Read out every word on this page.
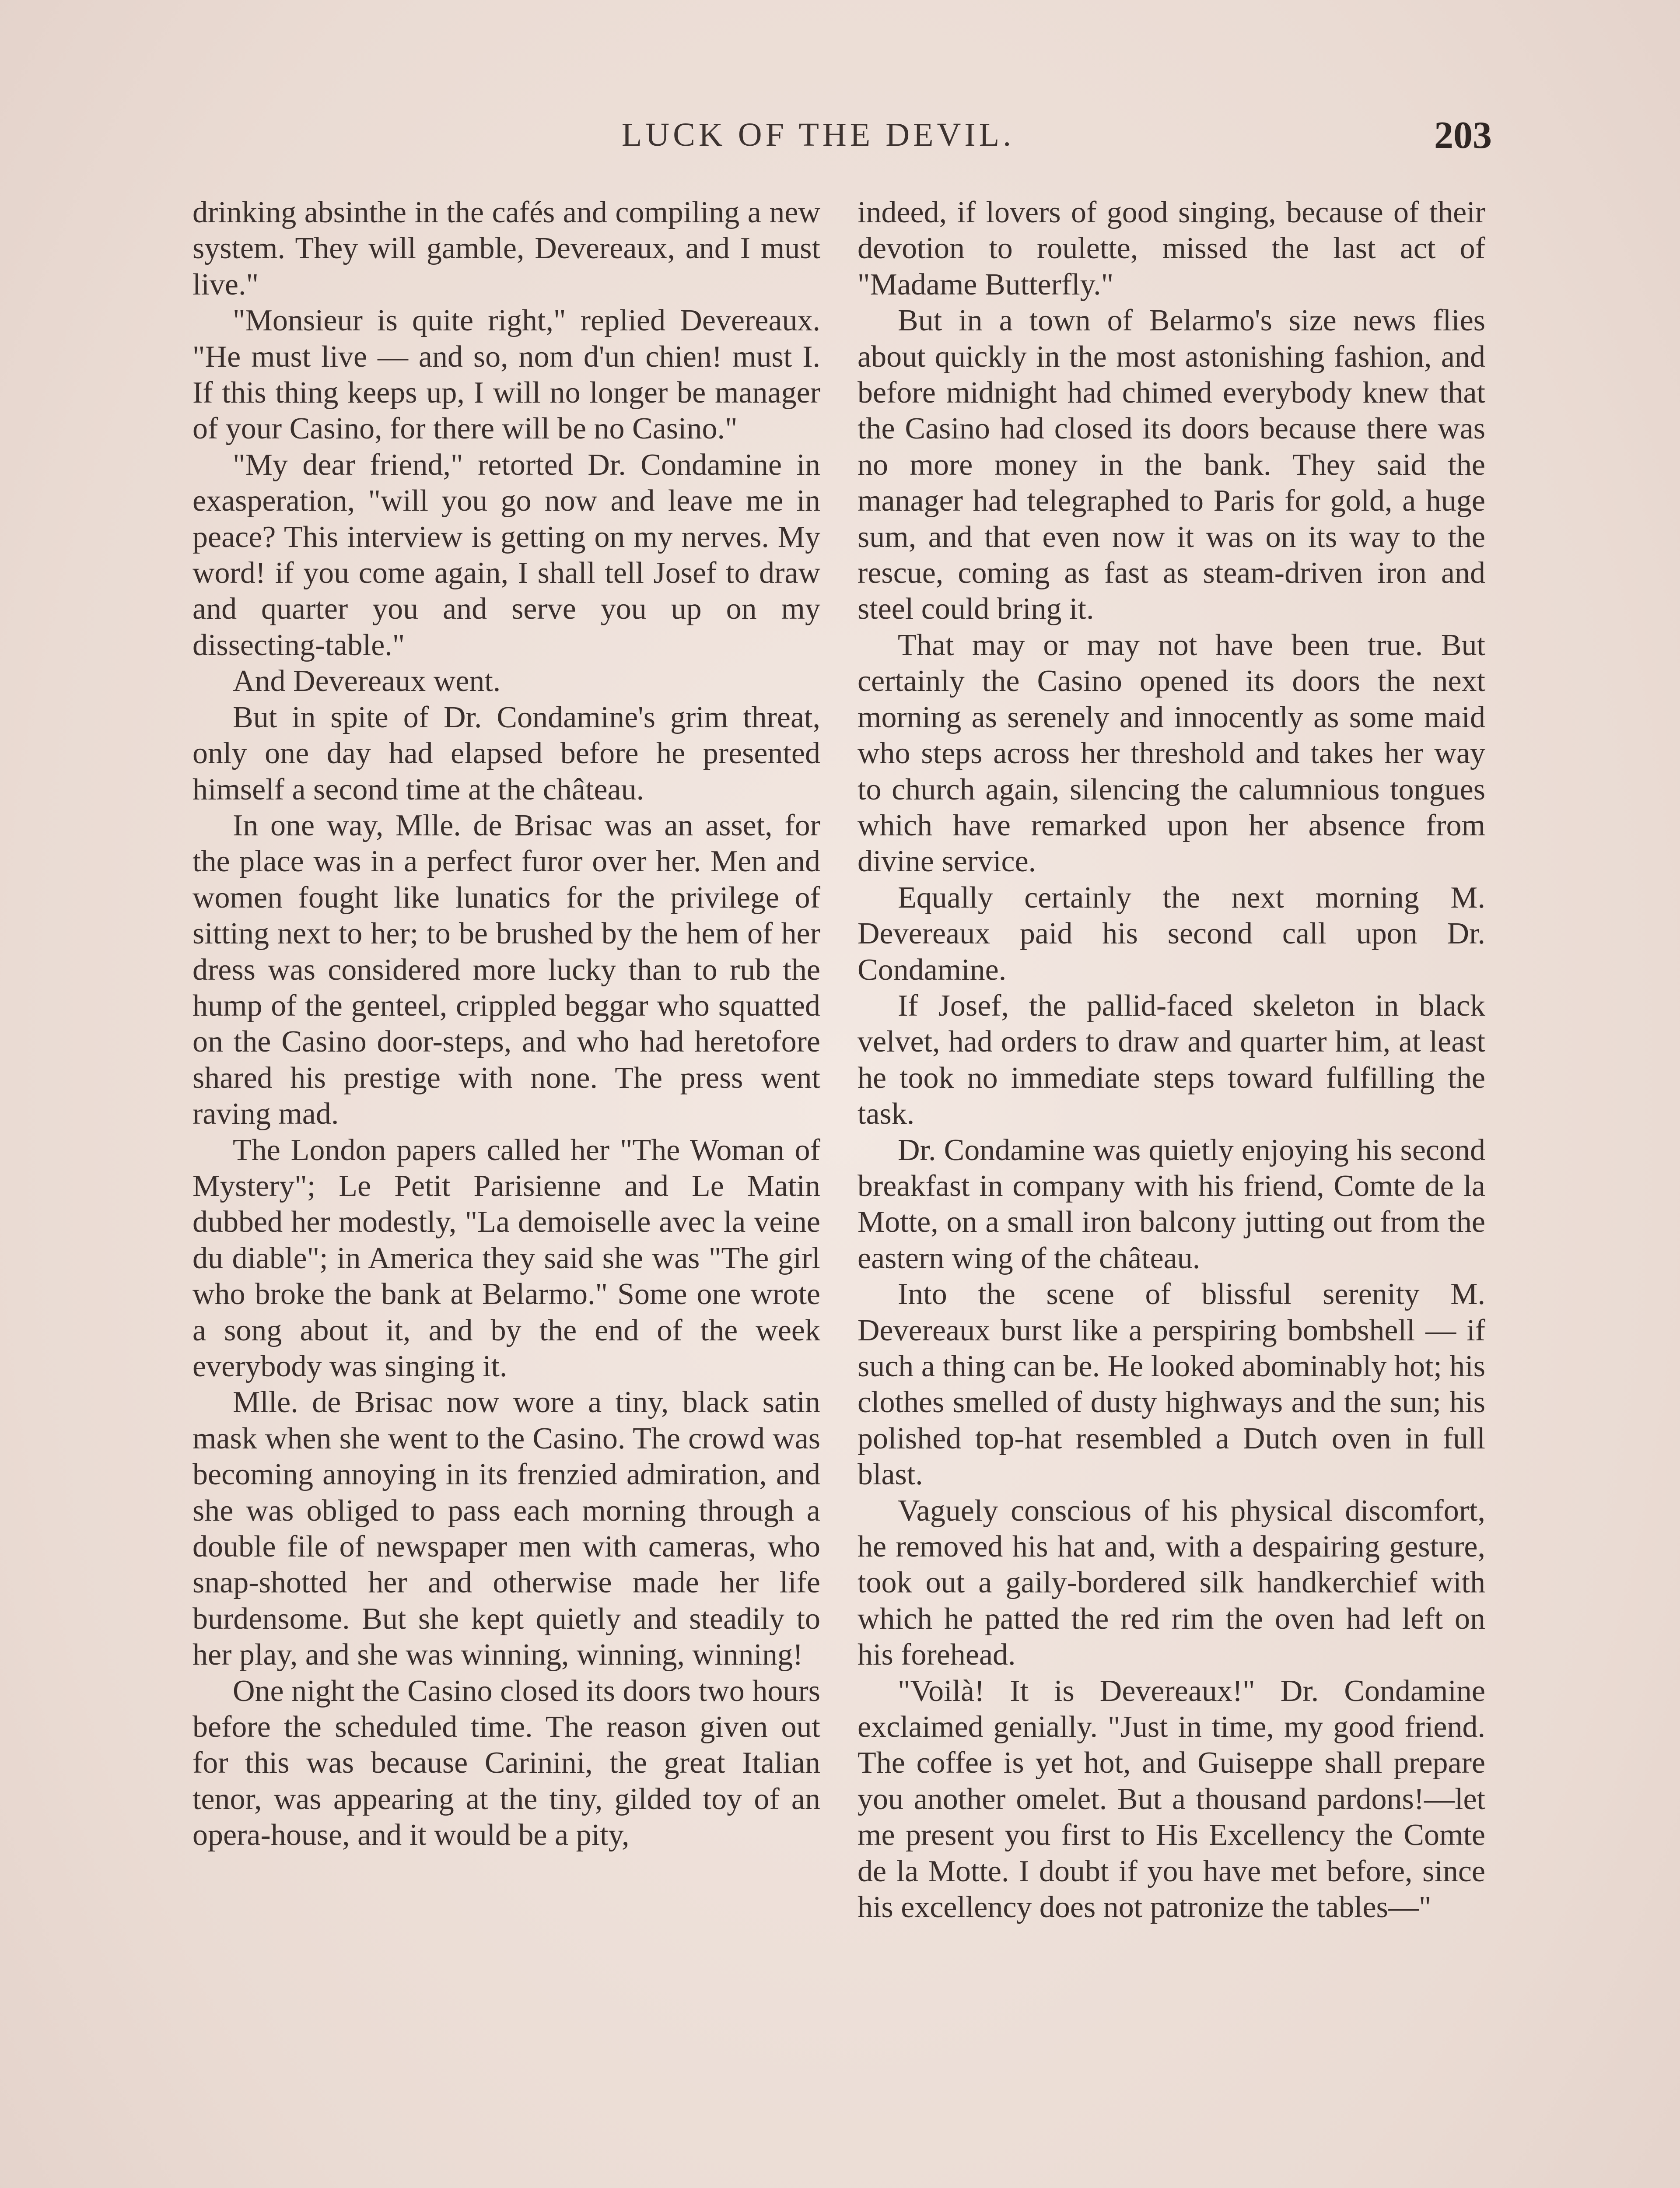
LUCK OF THE DEVIL.	203

drinking absinthe in the cafés and compiling a new system. They will gamble, Devereaux, and I must live."

"Monsieur is quite right," replied Devereaux. "He must live — and so, nom d'un chien! must I. If this thing keeps up, I will no longer be manager of your Casino, for there will be no Casino."

"My dear friend," retorted Dr. Condamine in exasperation, "will you go now and leave me in peace? This interview is getting on my nerves. My word! if you come again, I shall tell Josef to draw and quarter you and serve you up on my dissecting-table."

And Devereaux went.

But in spite of Dr. Condamine's grim threat, only one day had elapsed before he presented himself a second time at the château.

In one way, Mlle. de Brisac was an asset, for the place was in a perfect furor over her. Men and women fought like lunatics for the privilege of sitting next to her; to be brushed by the hem of her dress was considered more lucky than to rub the hump of the genteel, crippled beggar who squatted on the Casino door-steps, and who had heretofore shared his prestige with none. The press went raving mad.

The London papers called her "The Woman of Mystery"; Le Petit Parisienne and Le Matin dubbed her modestly, "La demoiselle avec la veine du diable"; in America they said she was "The girl who broke the bank at Belarmo." Some one wrote a song about it, and by the end of the week everybody was singing it.

Mlle. de Brisac now wore a tiny, black satin mask when she went to the Casino. The crowd was becoming annoying in its frenzied admiration, and she was obliged to pass each morning through a double file of newspaper men with cameras, who snap-shotted her and otherwise made her life burdensome. But she kept quietly and steadily to her play, and she was winning, winning, winning!

One night the Casino closed its doors two hours before the scheduled time. The reason given out for this was because Carinini, the great Italian tenor, was appearing at the tiny, gilded toy of an opera-house, and it would be a pity,

indeed, if lovers of good singing, because of their devotion to roulette, missed the last act of "Madame Butterfly."

But in a town of Belarmo's size news flies about quickly in the most astonishing fashion, and before midnight had chimed everybody knew that the Casino had closed its doors because there was no more money in the bank. They said the manager had telegraphed to Paris for gold, a huge sum, and that even now it was on its way to the rescue, coming as fast as steam-driven iron and steel could bring it.

That may or may not have been true. But certainly the Casino opened its doors the next morning as serenely and innocently as some maid who steps across her threshold and takes her way to church again, silencing the calumnious tongues which have remarked upon her absence from divine service.

Equally certainly the next morning M. Devereaux paid his second call upon Dr. Condamine.

If Josef, the pallid-faced skeleton in black velvet, had orders to draw and quarter him, at least he took no immediate steps toward fulfilling the task.

Dr. Condamine was quietly enjoying his second breakfast in company with his friend, Comte de la Motte, on a small iron balcony jutting out from the eastern wing of the château.

Into the scene of blissful serenity M. Devereaux burst like a perspiring bombshell — if such a thing can be. He looked abominably hot; his clothes smelled of dusty highways and the sun; his polished top-hat resembled a Dutch oven in full blast.

Vaguely conscious of his physical discomfort, he removed his hat and, with a despairing gesture, took out a gaily-bordered silk handkerchief with which he patted the red rim the oven had left on his forehead.

"Voilà! It is Devereaux!" Dr. Condamine exclaimed genially. "Just in time, my good friend. The coffee is yet hot, and Guiseppe shall prepare you another omelet. But a thousand pardons!—let me present you first to His Excellency the Comte de la Motte. I doubt if you have met before, since his excellency does not patronize the tables—"
